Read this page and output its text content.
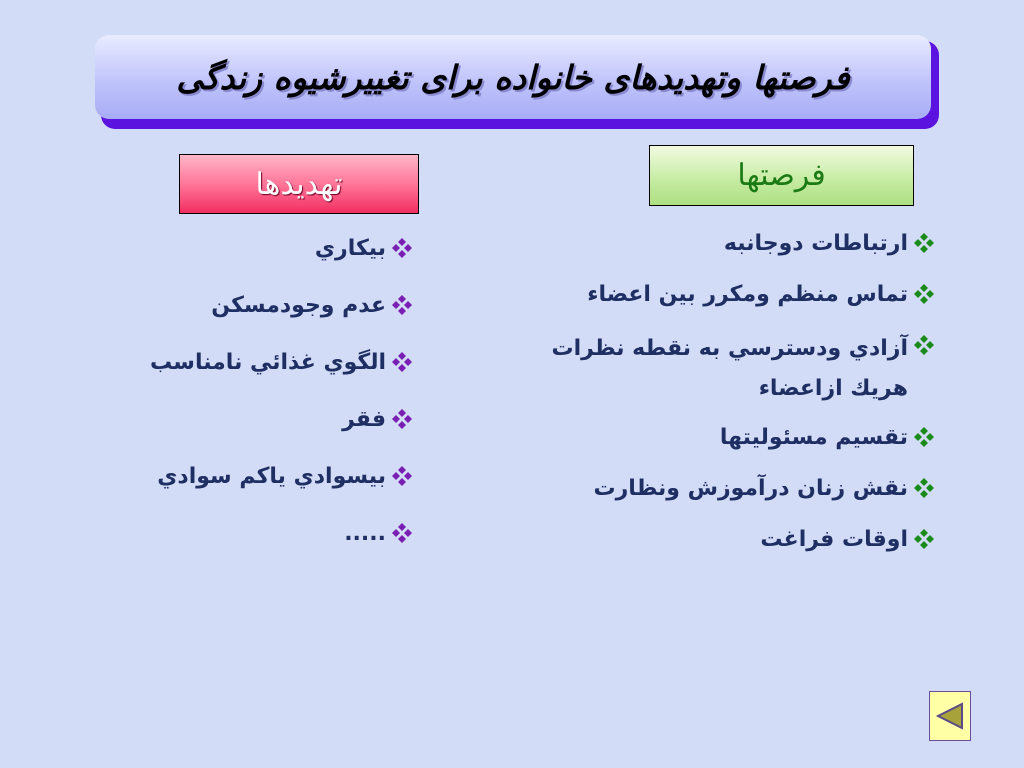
فرصتها وتهديدهاى خانواده براى تغييرشيوه زندگى
فرصتها
تهديدها
ارتباطات دوجانبه
تماس منظم ومكرر بين اعضاء
آزادي ودسترسي به نقطه نظرات هريك ازاعضاء
تقسيم مسئوليتها
نقش زنان درآموزش ونظارت
اوقات فراغت
بيكاري
عدم وجودمسكن
الگوي غذائي نامناسب
فقر
بيسوادي ياكم سوادي
.....
